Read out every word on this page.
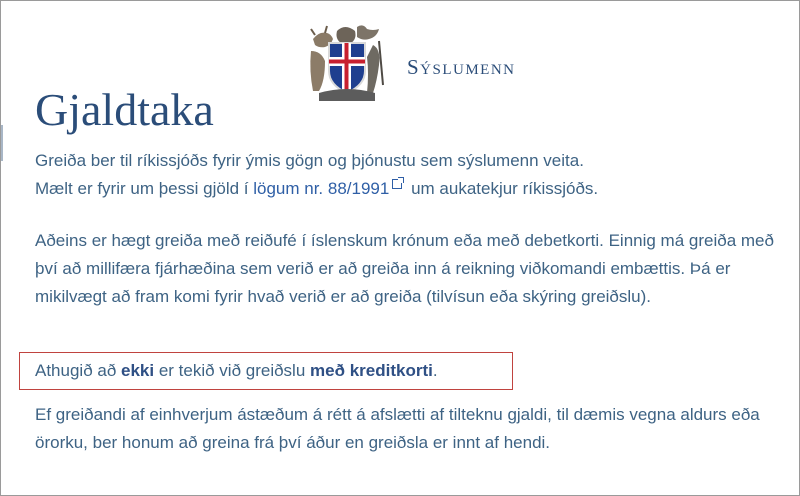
Sýslumenn
Gjaldtaka

Greiða ber til ríkissjóðs fyrir ýmis gögn og þjónustu sem sýslumenn veita.
Mælt er fyrir um þessi gjöld í lögum nr. 88/1991 um aukatekjur ríkissjóðs.

Aðeins er hægt greiða með reiðufé í íslenskum krónum eða með debetkorti. Einnig má greiða með því að millifæra fjárhæðina sem verið er að greiða inn á reikning viðkomandi embættis. Þá er mikilvægt að fram komi fyrir hvað verið er að greiða (tilvísun eða skýring greiðslu).

Athugið að ekki er tekið við greiðslu með kreditkorti.

Ef greiðandi af einhverjum ástæðum á rétt á afslætti af tilteknu gjaldi, til dæmis vegna aldurs eða örorku, ber honum að greina frá því áður en greiðsla er innt af hendi.
